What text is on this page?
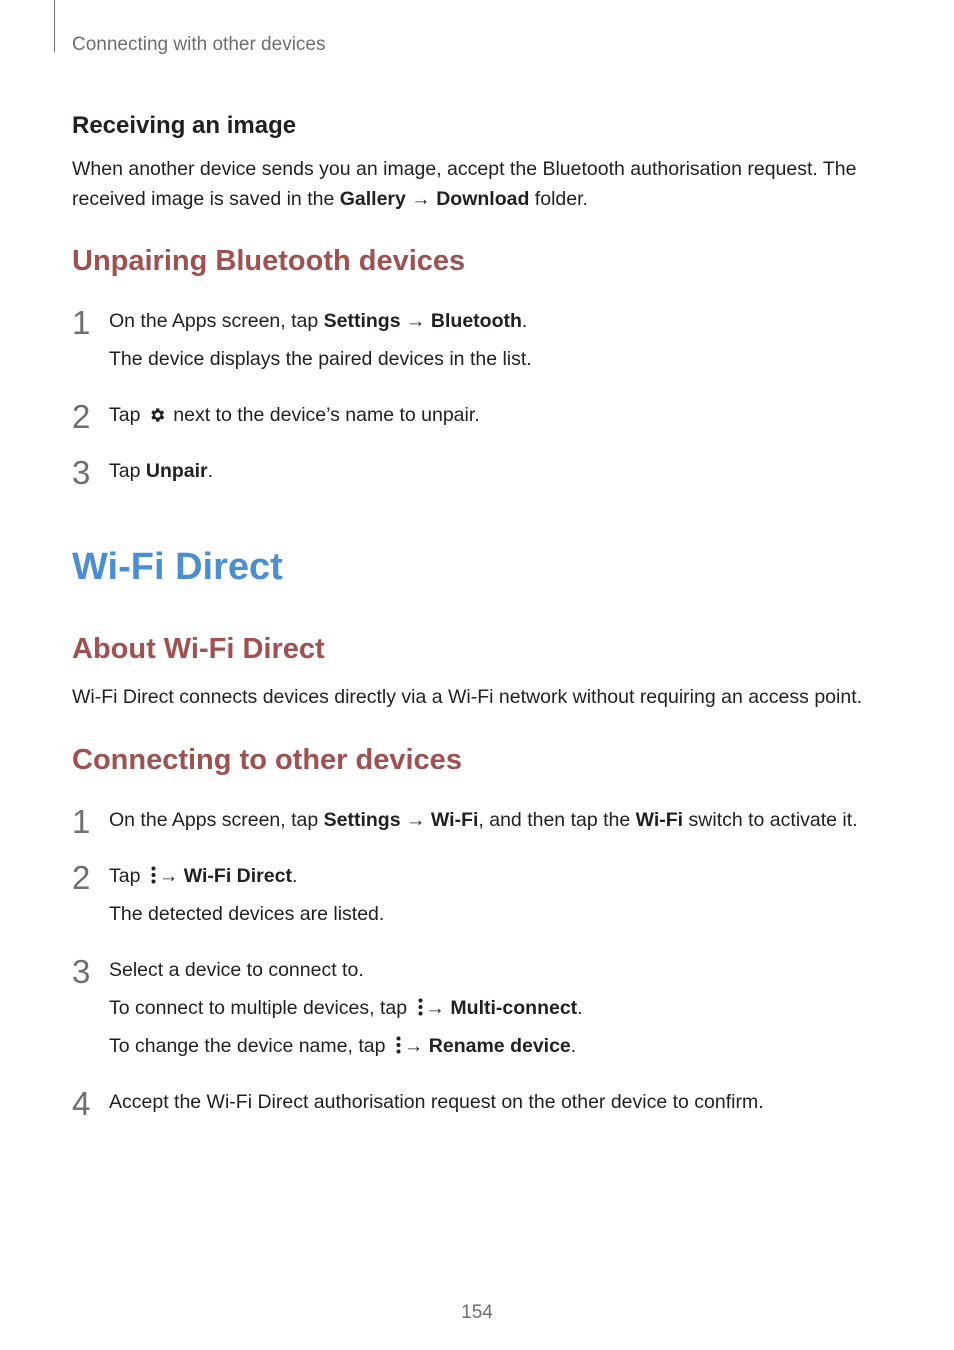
Connecting with other devices
Receiving an image
When another device sends you an image, accept the Bluetooth authorisation request. The received image is saved in the Gallery → Download folder.
Unpairing Bluetooth devices
1 On the Apps screen, tap Settings → Bluetooth.
The device displays the paired devices in the list.
2 Tap  next to the device’s name to unpair.
3 Tap Unpair.
Wi-Fi Direct
About Wi-Fi Direct
Wi-Fi Direct connects devices directly via a Wi-Fi network without requiring an access point.
Connecting to other devices
1 On the Apps screen, tap Settings → Wi-Fi, and then tap the Wi-Fi switch to activate it.
2 Tap
→ Wi-Fi Direct.
The detected devices are listed.
3 Select a device to connect to.
To connect to multiple devices, tap
→ Multi-connect.
To change the device name, tap
→ Rename device.
4 Accept the Wi-Fi Direct authorisation request on the other device to confirm.
154
